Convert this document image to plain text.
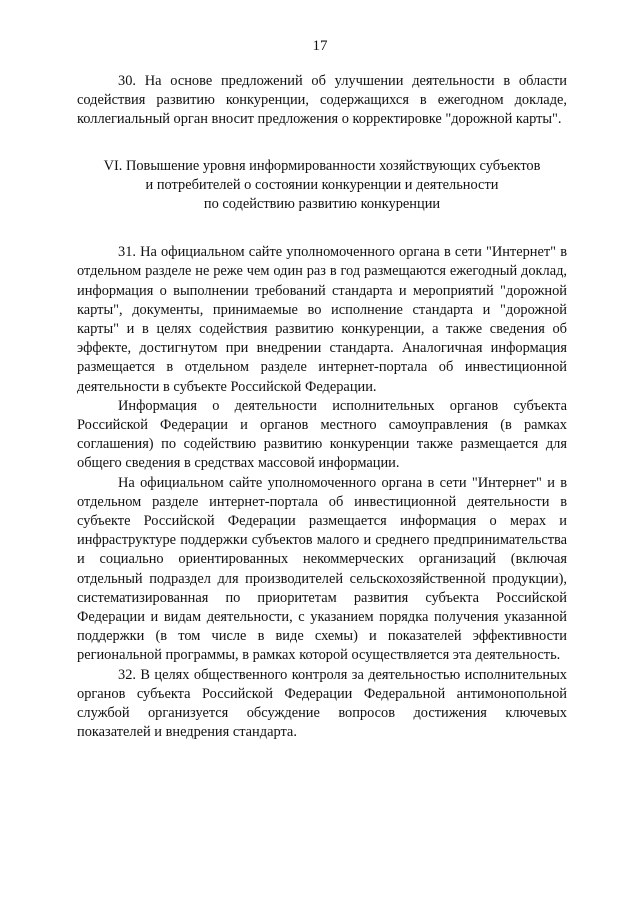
17

30. На основе предложений об улучшении деятельности в области содействия развитию конкуренции, содержащихся в ежегодном докладе, коллегиальный орган вносит предложения о корректировке "дорожной карты".

VI. Повышение уровня информированности хозяйствующих субъектов
и потребителей о состоянии конкуренции и деятельности
по содействию развитию конкуренции

31. На официальном сайте уполномоченного органа в сети "Интернет" в отдельном разделе не реже чем один раз в год размещаются ежегодный доклад, информация о выполнении требований стандарта и мероприятий "дорожной карты", документы, принимаемые во исполнение стандарта и "дорожной карты" и в целях содействия развитию конкуренции, а также сведения об эффекте, достигнутом при внедрении стандарта. Аналогичная информация размещается в отдельном разделе интернет-портала об инвестиционной деятельности в субъекте Российской Федерации.

Информация о деятельности исполнительных органов субъекта Российской Федерации и органов местного самоуправления (в рамках соглашения) по содействию развитию конкуренции также размещается для общего сведения в средствах массовой информации.

На официальном сайте уполномоченного органа в сети "Интернет" и в отдельном разделе интернет-портала об инвестиционной деятельности в субъекте Российской Федерации размещается информация о мерах и инфраструктуре поддержки субъектов малого и среднего предпринимательства и социально ориентированных некоммерческих организаций (включая отдельный подраздел для производителей сельскохозяйственной продукции), систематизированная по приоритетам развития субъекта Российской Федерации и видам деятельности, с указанием порядка получения указанной поддержки (в том числе в виде схемы) и показателей эффективности региональной программы, в рамках которой осуществляется эта деятельность.

32. В целях общественного контроля за деятельностью исполнительных органов субъекта Российской Федерации Федеральной антимонопольной службой организуется обсуждение вопросов достижения ключевых показателей и внедрения стандарта.
